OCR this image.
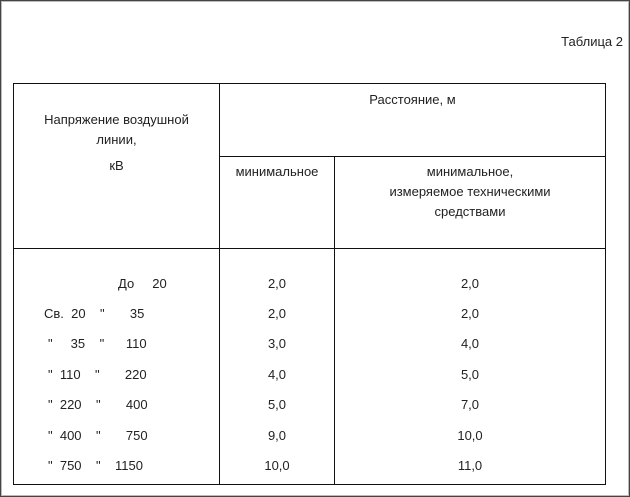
Таблица 2
Напряжение воздушной
линии,
кВ
Расстояние, м
минимальное	минимальное,
измеряемое техническими
средствами
До     20	2,0	2,0
Св.  20    "       35	2,0	2,0
"     35    "      110	3,0	4,0
"  110    "       220	4,0	5,0
"  220    "       400	5,0	7,0
"  400    "       750	9,0	10,0
"  750    "    1150	10,0	11,0
